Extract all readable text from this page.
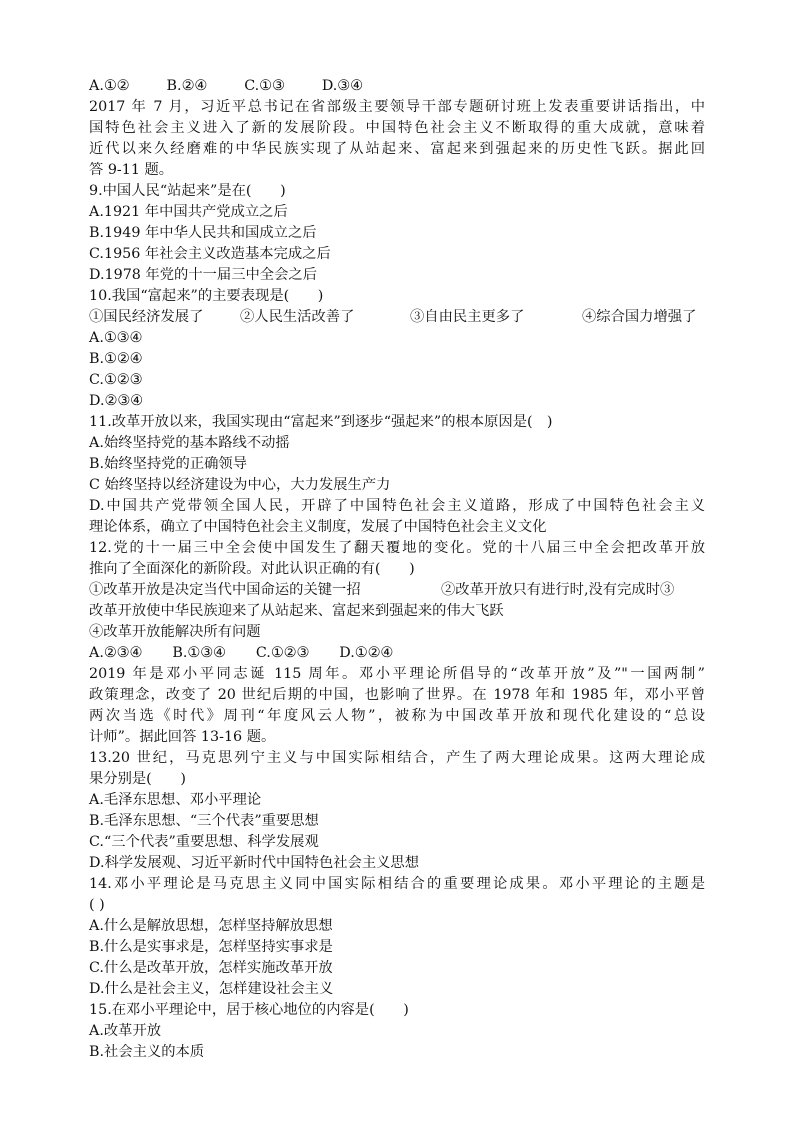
A.①②	B.②④	C.①③	D.③④
2017 年 7 月，习近平总书记在省部级主要领导干部专题研讨班上发表重要讲话指出，中
国特色社会主义进入了新的发展阶段。中国特色社会主义不断取得的重大成就，意味着
近代以来久经磨难的中华民族实现了从站起来、富起来到强起来的历史性飞跃。据此回
答 9-11 题。
9.中国人民“站起来”是在(　　)
A.1921 年中国共产党成立之后
B.1949 年中华人民共和国成立之后
C.1956 年社会主义改造基本完成之后
D.1978 年党的十一届三中全会之后
10.我国“富起来”的主要表现是(　　)
①国民经济发展了	②人民生活改善了	③自由民主更多了	④综合国力增强了
A.①③④
B.①②④
C.①②③
D.②③④
11.改革开放以来，我国实现由“富起来”到逐步“强起来”的根本原因是(　)
A.始终坚持党的基本路线不动摇
B.始终坚持党的正确领导
C 始终坚持以经济建设为中心，大力发展生产力
D.中国共产党带领全国人民，开辟了中国特色社会主义道路，形成了中国特色社会主义
理论体系，确立了中国特色社会主义制度，发展了中国特色社会主义文化
12.党的十一届三中全会使中国发生了翻天覆地的变化。党的十八届三中全会把改革开放
推向了全面深化的新阶段。对此认识正确的有(　　)
①改革开放是决定当代中国命运的关键一招	②改革开放只有进行时,没有完成时③
改革开放使中华民族迎来了从站起来、富起来到强起来的伟大飞跃
④改革开放能解决所有问题
A.②③④ B.①③④ C.①②③ D.①②④
2019 年是邓小平同志诞 115 周年。邓小平理论所倡导的“改革开放”及”"一国两制”
政策理念，改变了 20 世纪后期的中国，也影响了世界。在 1978 年和 1985 年，邓小平曾
两次当选《时代》周刊“年度风云人物”，被称为中国改革开放和现代化建设的“总设
计师”。据此回答 13-16 题。
13.20 世纪，马克思列宁主义与中国实际相结合，产生了两大理论成果。这两大理论成
果分别是(　　)
A.毛泽东思想、邓小平理论
B.毛泽东思想、“三个代表”重要思想
C.“三个代表”重要思想、科学发展观
D.科学发展观、习近平新时代中国特色社会主义思想
14.邓小平理论是马克思主义同中国实际相结合的重要理论成果。邓小平理论的主题是
( )
A.什么是解放思想，怎样坚持解放思想
B.什么是实事求是，怎样坚持实事求是
C.什么是改革开放，怎样实施改革开放
D.什么是社会主义，怎样建设社会主义
15.在邓小平理论中，居于核心地位的内容是(　　)
A.改革开放
B.社会主义的本质
